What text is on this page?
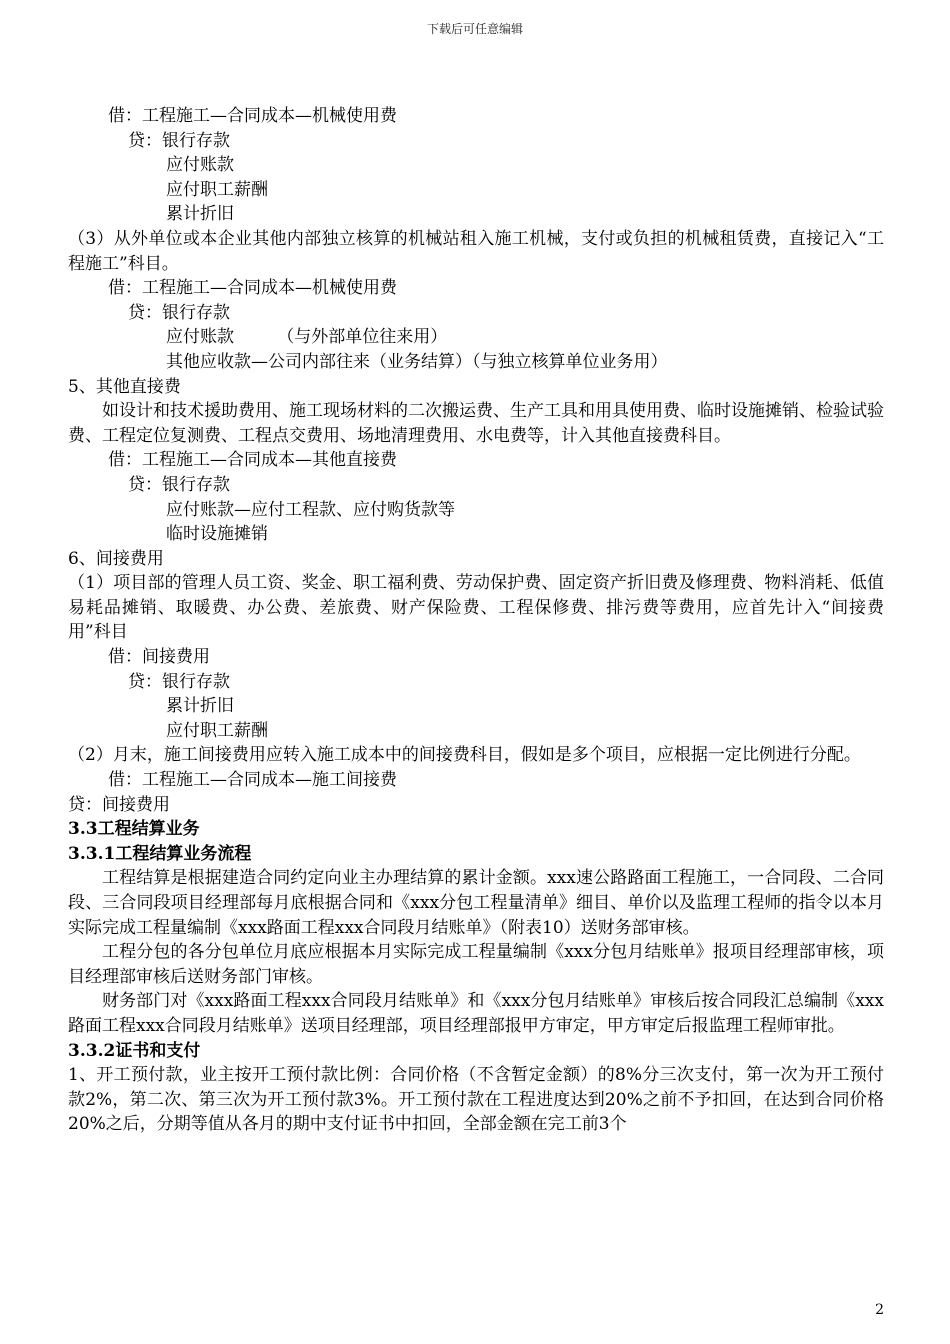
下载后可任意编辑
借：工程施工—合同成本—机械使用费
贷：银行存款
应付账款
应付职工薪酬
累计折旧
（3）从外单位或本企业其他内部独立核算的机械站租入施工机械，支付或负担的机械租赁费，直接记入“工程施工”科目。
借：工程施工—合同成本—机械使用费
贷：银行存款
应付账款        （与外部单位往来用）
其他应收款—公司内部往来（业务结算）（与独立核算单位业务用）
5、其他直接费
如设计和技术援助费用、施工现场材料的二次搬运费、生产工具和用具使用费、临时设施摊销、检验试验费、工程定位复测费、工程点交费用、场地清理费用、水电费等，计入其他直接费科目。
借：工程施工—合同成本—其他直接费
贷：银行存款
应付账款—应付工程款、应付购货款等
临时设施摊销
6、间接费用
（1）项目部的管理人员工资、奖金、职工福利费、劳动保护费、固定资产折旧费及修理费、物料消耗、低值易耗品摊销、取暖费、办公费、差旅费、财产保险费、工程保修费、排污费等费用，应首先计入“间接费用”科目
借：间接费用
贷：银行存款
累计折旧
应付职工薪酬
（2）月末，施工间接费用应转入施工成本中的间接费科目，假如是多个项目，应根据一定比例进行分配。
借：工程施工—合同成本—施工间接费
贷：间接费用
3.3工程结算业务
3.3.1工程结算业务流程
工程结算是根据建造合同约定向业主办理结算的累计金额。xxx速公路路面工程施工，一合同段、二合同段、三合同段项目经理部每月底根据合同和《xxx分包工程量清单》细目、单价以及监理工程师的指令以本月实际完成工程量编制《xxx路面工程xxx合同段月结账单》（附表10）送财务部审核。
工程分包的各分包单位月底应根据本月实际完成工程量编制《xxx分包月结账单》报项目经理部审核，项目经理部审核后送财务部门审核。
财务部门对《xxx路面工程xxx合同段月结账单》和《xxx分包月结账单》审核后按合同段汇总编制《xxx路面工程xxx合同段月结账单》送项目经理部，项目经理部报甲方审定，甲方审定后报监理工程师审批。
3.3.2证书和支付
1、开工预付款，业主按开工预付款比例：合同价格（不含暂定金额）的8%分三次支付，第一次为开工预付款2%，第二次、第三次为开工预付款3%。开工预付款在工程进度达到20%之前不予扣回，在达到合同价格20%之后，分期等值从各月的期中支付证书中扣回，全部金额在完工前3个
2
